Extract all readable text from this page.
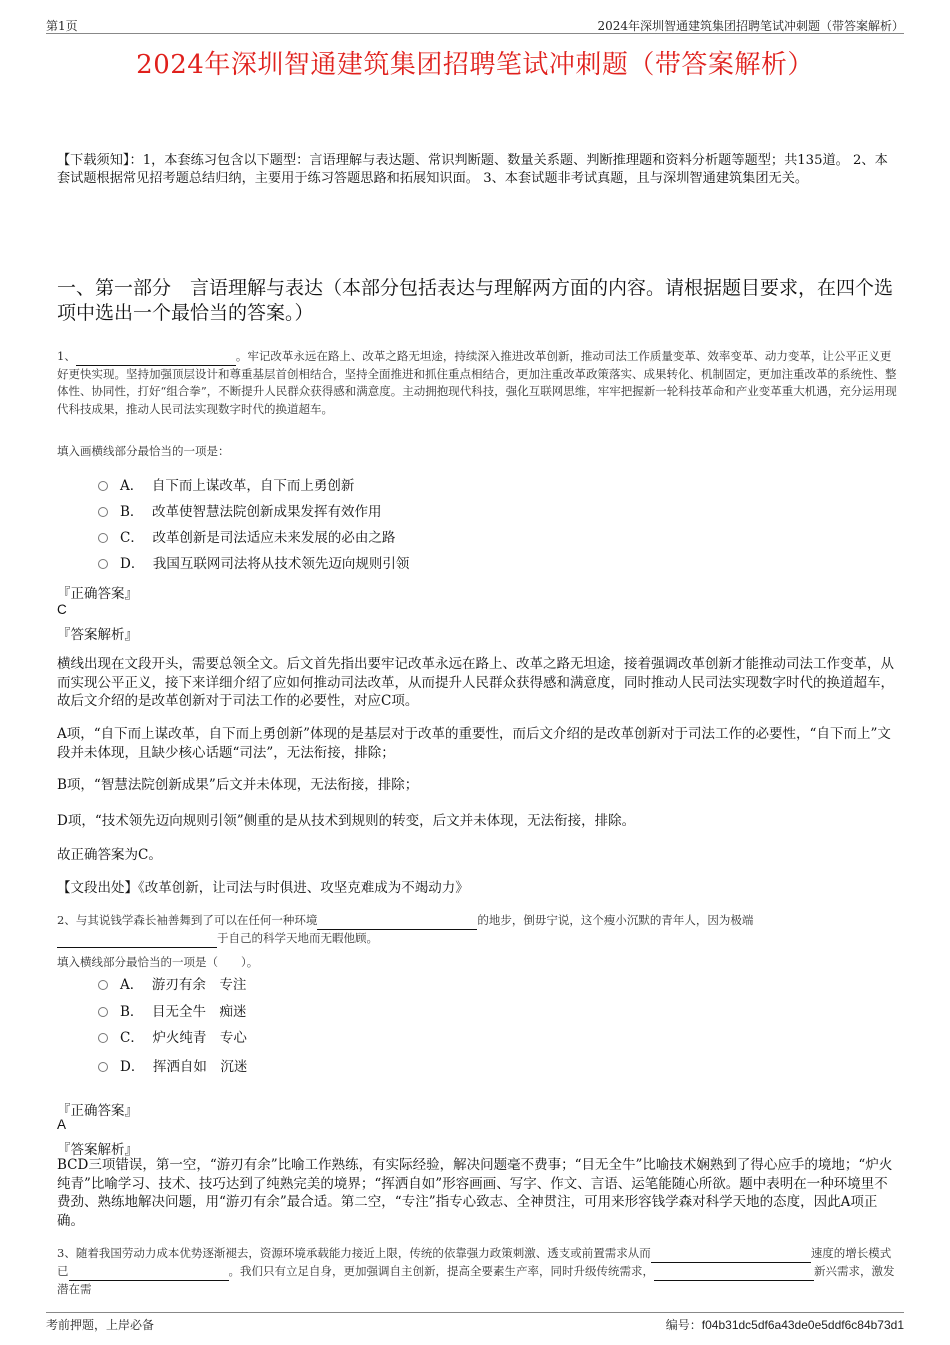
第1页	2024年深圳智通建筑集团招聘笔试冲刺题（带答案解析）
2024年深圳智通建筑集团招聘笔试冲刺题（带答案解析）
【下载须知】：1，本套练习包含以下题型：言语理解与表达题、常识判断题、数量关系题、判断推理题和资料分析题等题型；共135道。 2、本套试题根据常见招考题总结归纳，主要用于练习答题思路和拓展知识面。 3、本套试题非考试真题，且与深圳智通建筑集团无关。
一、第一部分　言语理解与表达（本部分包括表达与理解两方面的内容。请根据题目要求，在四个选项中选出一个最恰当的答案。）
1、	。牢记改革永远在路上、改革之路无坦途，持续深入推进改革创新，推动司法工作质量变革、效率变革、动力变革，让公平正义更好更快实现。坚持加强顶层设计和尊重基层首创相结合，坚持全面推进和抓住重点相结合，更加注重改革政策落实、成果转化、机制固定，更加注重改革的系统性、整体性、协同性，打好“组合拳”，不断提升人民群众获得感和满意度。主动拥抱现代科技，强化互联网思维，牢牢把握新一轮科技革命和产业变革重大机遇，充分运用现代科技成果，推动人民司法实现数字时代的换道超车。
填入画横线部分最恰当的一项是：
A． 自下而上谋改革，自下而上勇创新
B． 改革使智慧法院创新成果发挥有效作用
C． 改革创新是司法适应未来发展的必由之路
D． 我国互联网司法将从技术领先迈向规则引领
『正确答案』
C
『答案解析』
横线出现在文段开头，需要总领全文。后文首先指出要牢记改革永远在路上、改革之路无坦途，接着强调改革创新才能推动司法工作变革，从而实现公平正义，接下来详细介绍了应如何推动司法改革，从而提升人民群众获得感和满意度，同时推动人民司法实现数字时代的换道超车，故后文介绍的是改革创新对于司法工作的必要性，对应C项。
A项，“自下而上谋改革，自下而上勇创新”体现的是基层对于改革的重要性，而后文介绍的是改革创新对于司法工作的必要性，“自下而上”文段并未体现，且缺少核心话题“司法”，无法衔接，排除；
B项，“智慧法院创新成果”后文并未体现，无法衔接，排除；
D项，“技术领先迈向规则引领”侧重的是从技术到规则的转变，后文并未体现，无法衔接，排除。
故正确答案为C。
【文段出处】《改革创新，让司法与时俱进、攻坚克难成为不竭动力》
2、与其说钱学森长袖善舞到了可以在任何一种环境	的地步，倒毋宁说，这个瘦小沉默的青年人，因为极端 于自己的科学天地而无暇他顾。
填入横线部分最恰当的一项是（　　）。
A． 游刃有余　专注
B． 目无全牛　痴迷
C． 炉火纯青　专心
D． 挥洒自如　沉迷
『正确答案』
A
『答案解析』
BCD三项错误，第一空，“游刃有余”比喻工作熟练，有实际经验，解决问题毫不费事；“目无全牛”比喻技术娴熟到了得心应手的境地；“炉火纯青”比喻学习、技术、技巧达到了纯熟完美的境界；“挥洒自如”形容画画、写字、作文、言语、运笔能随心所欲。题中表明在一种环境里不费劲、熟练地解决问题，用“游刃有余”最合适。第二空，“专注”指专心致志、全神贯注，可用来形容钱学森对科学天地的态度，因此A项正确。
3、随着我国劳动力成本优势逐渐褪去，资源环境承载能力接近上限，传统的依靠强力政策刺激、透支或前置需求从而	速度的增长模式已	。我们只有立足自身，更加强调自主创新，提高全要素生产率，同时升级传统需求，	新兴需求，激发潜在需
考前押题，上岸必备	编号：f04b31dc5df6a43de0e5ddf6c84b73d1
